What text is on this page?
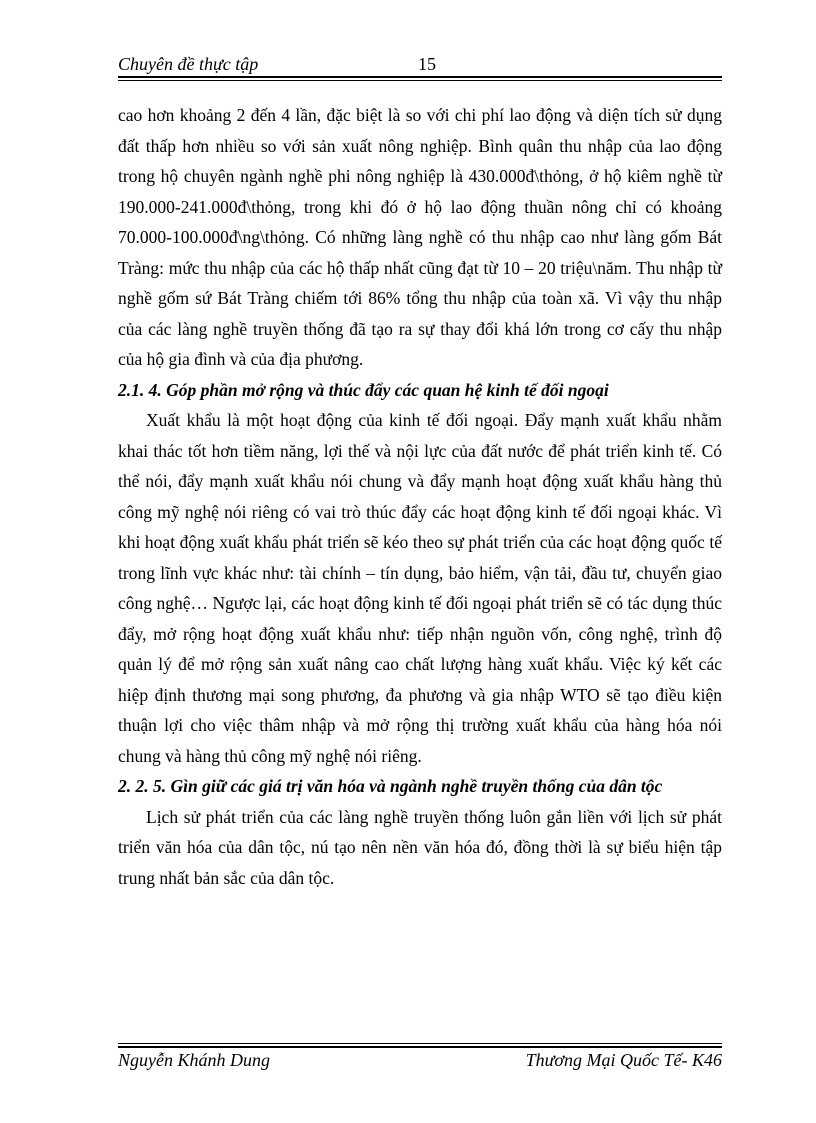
Chuyên đề thực tập	15

cao hơn khoảng 2 đến 4 lần, đặc biệt là so với chi phí lao động và diện tích sử dụng đất thấp hơn nhiều so với sản xuất nông nghiệp. Bình quân thu nhập của lao động trong hộ chuyên ngành nghề phi nông nghiệp là 430.000đ\thỏng, ở hộ kiêm nghề từ 190.000-241.000đ\thỏng, trong khi đó ở hộ lao động thuần nông chỉ có khoảng 70.000-100.000đ\ng\thỏng. Có những làng nghề có thu nhập cao như làng gốm Bát Tràng: mức thu nhập của các hộ thấp nhất cũng đạt từ 10 – 20 triệu\năm. Thu nhập từ nghề gốm sứ Bát Tràng chiếm tới 86% tổng thu nhập của toàn xã. Vì vậy thu nhập của các làng nghề truyền thống đã tạo ra sự thay đổi khá lớn trong cơ cấy thu nhập của hộ gia đình và của địa phương.

2.1. 4. Góp phần mở rộng và thúc đẩy các quan hệ kinh tế đối ngoại

Xuất khẩu là một hoạt động của kinh tế đối ngoại. Đẩy mạnh xuất khẩu nhằm khai thác tốt hơn tiềm năng, lợi thế và nội lực của đất nước để phát triển kinh tế. Có thể nói, đẩy mạnh xuất khẩu nói chung và đẩy mạnh hoạt động xuất khẩu hàng thủ công mỹ nghệ nói riêng có vai trò thúc đẩy các hoạt động kinh tế đối ngoại khác. Vì khi hoạt động xuất khẩu phát triển sẽ kéo theo sự phát triển của các hoạt động quốc tế trong lĩnh vực khác như: tài chính – tín dụng, bảo hiểm, vận tải, đầu tư, chuyển giao công nghệ… Ngược lại, các hoạt động kinh tế đối ngoại phát triển sẽ có tác dụng thúc đẩy, mở rộng hoạt động xuất khẩu như: tiếp nhận nguồn vốn, công nghệ, trình độ quản lý để mở rộng sản xuất nâng cao chất lượng hàng xuất khẩu. Việc ký kết các hiệp định thương mại song phương, đa phương và gia nhập WTO sẽ tạo điều kiện thuận lợi cho việc thâm nhập và mở rộng thị trường xuất khẩu của hàng hóa nói chung và hàng thủ công mỹ nghệ nói riêng.

2. 2. 5. Gìn giữ các giá trị văn hóa và ngành nghề truyền thống của dân tộc

Lịch sử phát triển của các làng nghề truyền thống luôn gắn liền với lịch sử phát triển văn hóa của dân tộc, nú tạo nên nền văn hóa đó, đồng thời là sự biểu hiện tập trung nhất bản sắc của dân tộc.

Nguyễn Khánh Dung	Thương Mại Quốc Tế- K46
